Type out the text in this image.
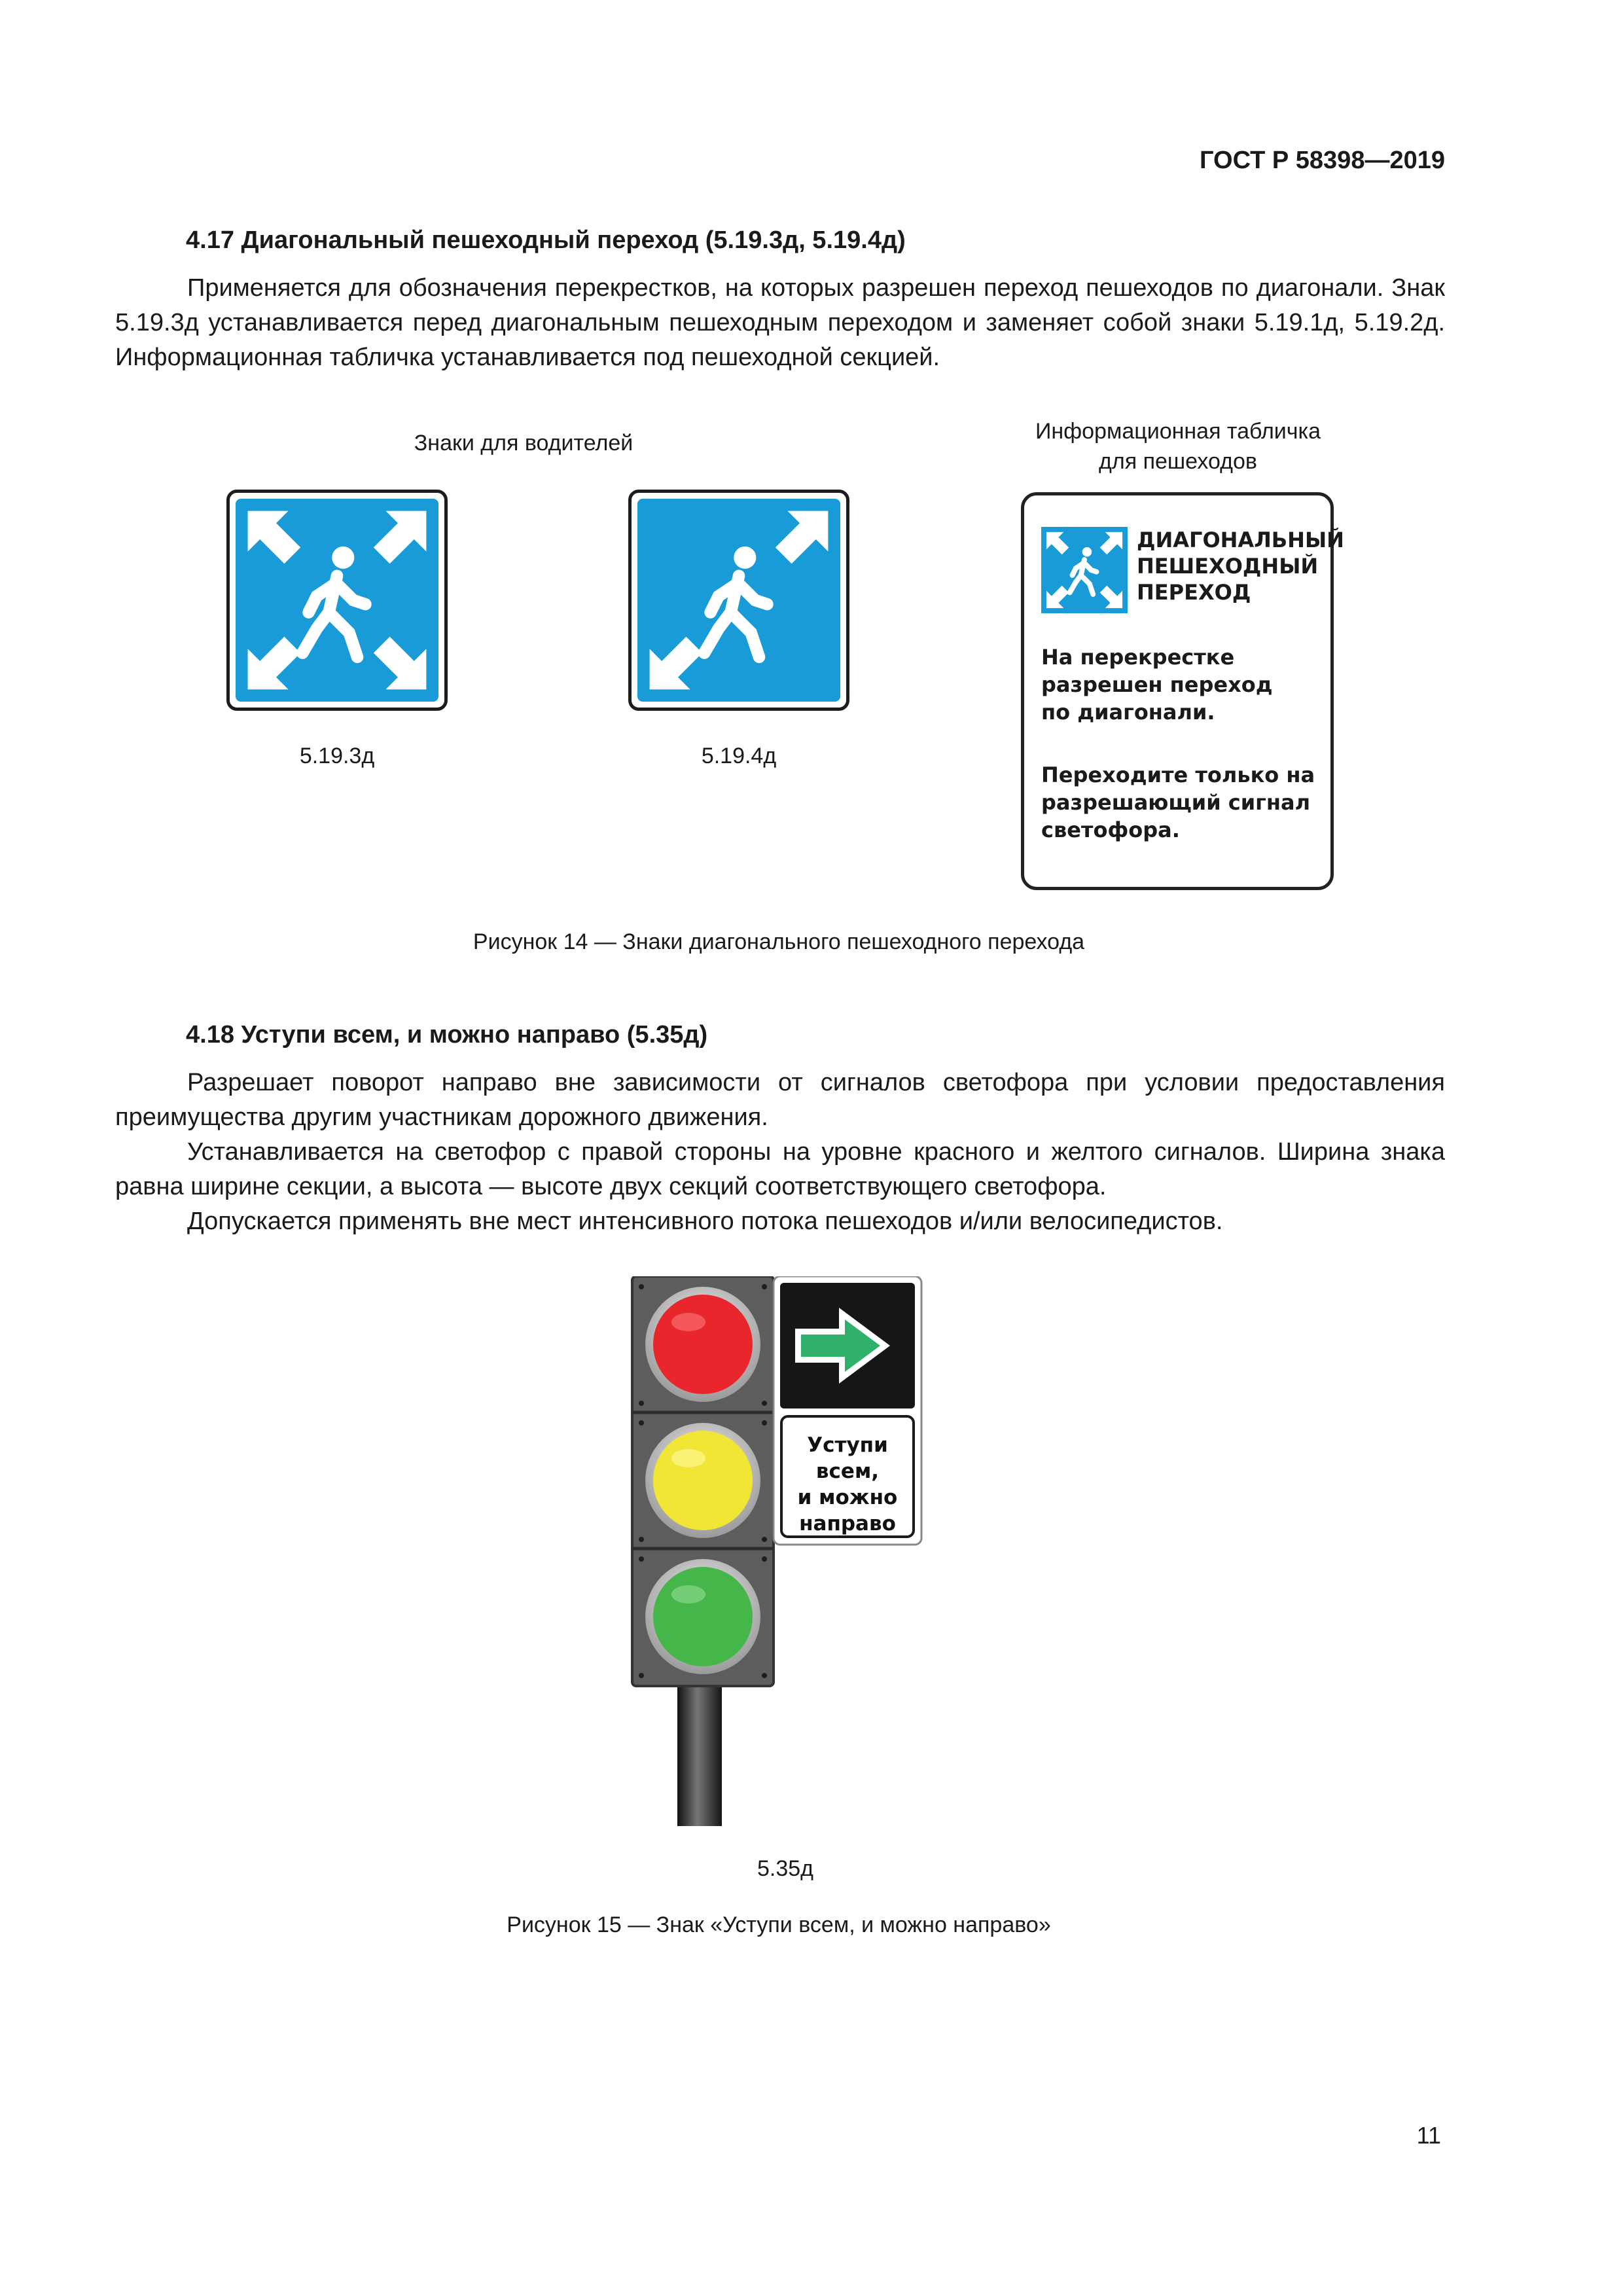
ГОСТ Р 58398—2019
4.17 Диагональный пешеходный переход (5.19.3д, 5.19.4д)

Применяется для обозначения перекрестков, на которых разрешен переход пешеходов по диагонали. Знак 5.19.3д устанавливается перед диагональным пешеходным переходом и заменяет собой знаки 5.19.1д, 5.19.2д. Информационная табличка устанавливается под пешеходной секцией.

Знаки для водителей	Информационная табличка
для пешеходов
5.19.3д	5.19.4д
ДИАГОНАЛЬНЫЙ
ПЕШЕХОДНЫЙ
ПЕРЕХОД
На перекрестке
разрешен переход
по диагонали.
Переходите только на
разрешающий сигнал
светофора.
Рисунок 14 — Знаки диагонального пешеходного перехода
4.18 Уступи всем, и можно направо (5.35д)

Разрешает поворот направо вне зависимости от сигналов светофора при условии предоставления преимущества другим участникам дорожного движения.

Устанавливается на светофор с правой стороны на уровне красного и желтого сигналов. Ширина знака равна ширине секции, а высота — высоте двух секций соответствующего светофора.

Допускается применять вне мест интенсивного потока пешеходов и/или велосипедистов.

Уступи
всем,
и можно
направо
5.35д
Рисунок 15 — Знак «Уступи всем, и можно направо»
11
